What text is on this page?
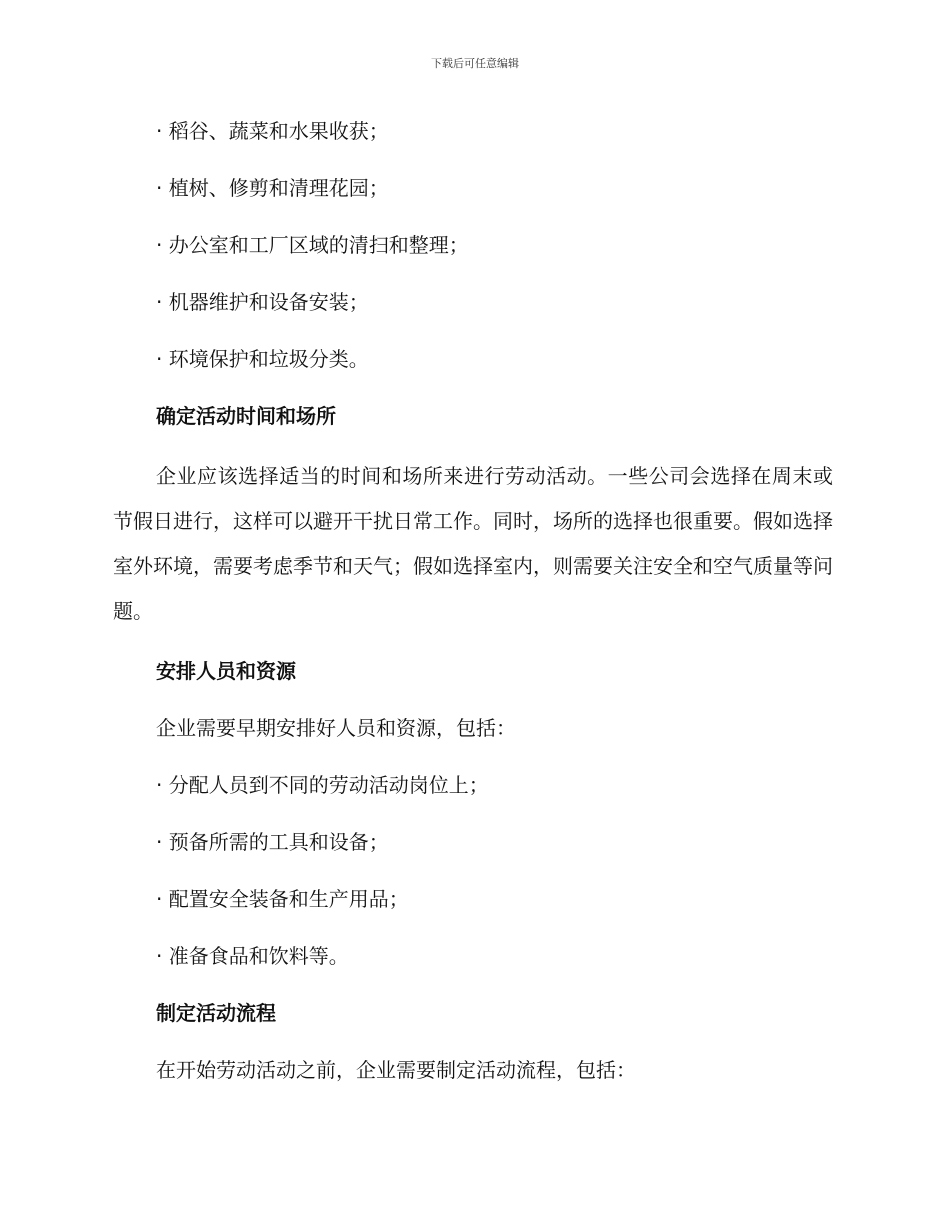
下载后可任意编辑
· 稻谷、蔬菜和水果收获；
· 植树、修剪和清理花园；
· 办公室和工厂区域的清扫和整理；
· 机器维护和设备安装；
· 环境保护和垃圾分类。
确定活动时间和场所

企业应该选择适当的时间和场所来进行劳动活动。一些公司会选择在周末或节假日进行，这样可以避开干扰日常工作。同时，场所的选择也很重要。假如选择室外环境，需要考虑季节和天气；假如选择室内，则需要关注安全和空气质量等问题。

安排人员和资源
企业需要早期安排好人员和资源，包括：
· 分配人员到不同的劳动活动岗位上；
· 预备所需的工具和设备；
· 配置安全装备和生产用品；
· 准备食品和饮料等。
制定活动流程
在开始劳动活动之前，企业需要制定活动流程，包括：
